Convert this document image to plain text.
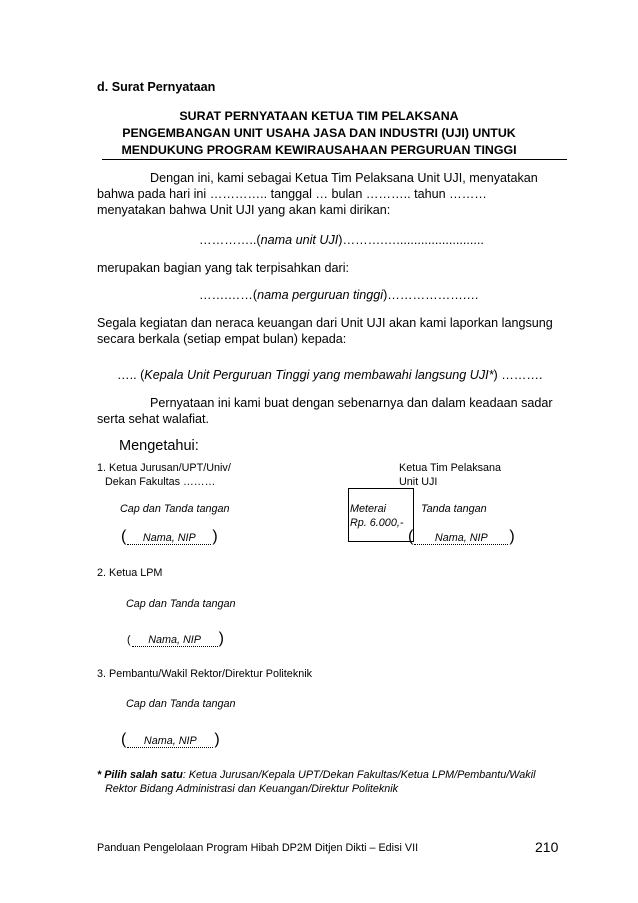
d. Surat Pernyataan
SURAT PERNYATAAN KETUA TIM PELAKSANA
PENGEMBANGAN UNIT USAHA JASA DAN INDUSTRI (UJI) UNTUK
MENDUKUNG PROGRAM KEWIRAUSAHAAN PERGURUAN TINGGI
Dengan ini, kami sebagai Ketua Tim Pelaksana Unit UJI, menyatakan
bahwa pada hari ini ………….. tanggal … bulan ……….. tahun ………
menyatakan bahwa Unit UJI yang akan kami dirikan:
…………..(nama unit UJI)……….….........................
merupakan bagian yang tak terpisahkan dari:
…….……(nama perguruan tinggi)……………….…
Segala kegiatan dan neraca keuangan dari Unit UJI akan kami laporkan langsung
secara berkala (setiap empat bulan) kepada:
….. (Kepala Unit Perguruan Tinggi yang membawahi langsung UJI*) ……….
Pernyataan ini kami buat dengan sebenarnya dan dalam keadaan sadar
serta sehat walafiat.
Mengetahui:
1. Ketua Jurusan/UPT/Univ/
Dekan Fakultas ………
Cap dan Tanda tangan
( Nama, NIP )
Ketua Tim Pelaksana
Unit UJI
Meterai
Rp. 6.000,-
Tanda tangan
( Nama, NIP )
2. Ketua LPM
Cap dan Tanda tangan
( Nama, NIP )
3. Pembantu/Wakil Rektor/Direktur Politeknik
Cap dan Tanda tangan
( Nama, NIP )
* Pilih salah satu: Ketua Jurusan/Kepala UPT/Dekan Fakultas/Ketua LPM/Pembantu/Wakil
Rektor Bidang Administrasi dan Keuangan/Direktur Politeknik
Panduan Pengelolaan Program Hibah DP2M Ditjen Dikti – Edisi VII	210
